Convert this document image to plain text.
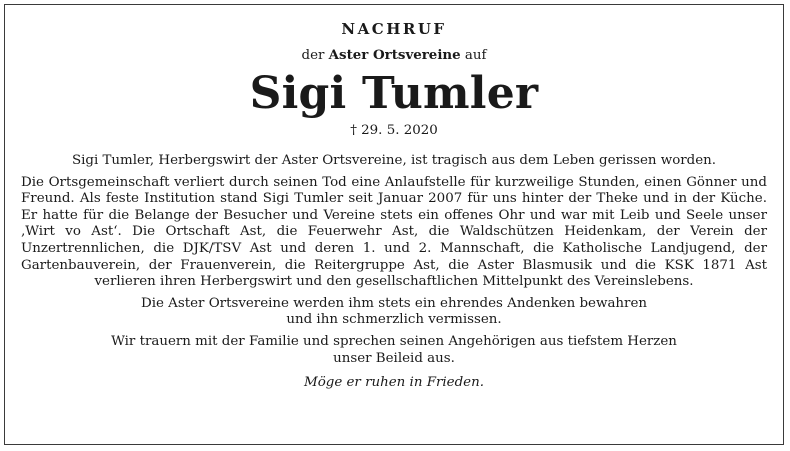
NACHRUF
der Aster Ortsvereine auf
Sigi Tumler
† 29. 5. 2020

Sigi Tumler, Herbergswirt der Aster Ortsvereine, ist tragisch aus dem Leben gerissen worden.

Die Ortsgemeinschaft verliert durch seinen Tod eine Anlaufstelle für kurzweilige Stunden, einen Gönner und Freund. Als feste Institution stand Sigi Tumler seit Januar 2007 für uns hinter der Theke und in der Küche. Er hatte für die Belange der Besucher und Vereine stets ein offenes Ohr und war mit Leib und Seele unser ‚Wirt vo Ast‘. Die Ortschaft Ast, die Feuerwehr Ast, die Waldschützen Heidenkam, der Verein der Unzertrennlichen, die DJK/TSV Ast und deren 1. und 2. Mannschaft, die Katholische Landjugend, der Gartenbauverein, der Frauenverein, die Reitergruppe Ast, die Aster Blasmusik und die KSK 1871 Ast verlieren ihren Herbergswirt und den gesellschaftlichen Mittelpunkt des Vereinslebens.

Die Aster Ortsvereine werden ihm stets ein ehrendes Andenken bewahren
und ihn schmerzlich vermissen.

Wir trauern mit der Familie und sprechen seinen Angehörigen aus tiefstem Herzen
unser Beileid aus.

Möge er ruhen in Frieden.
